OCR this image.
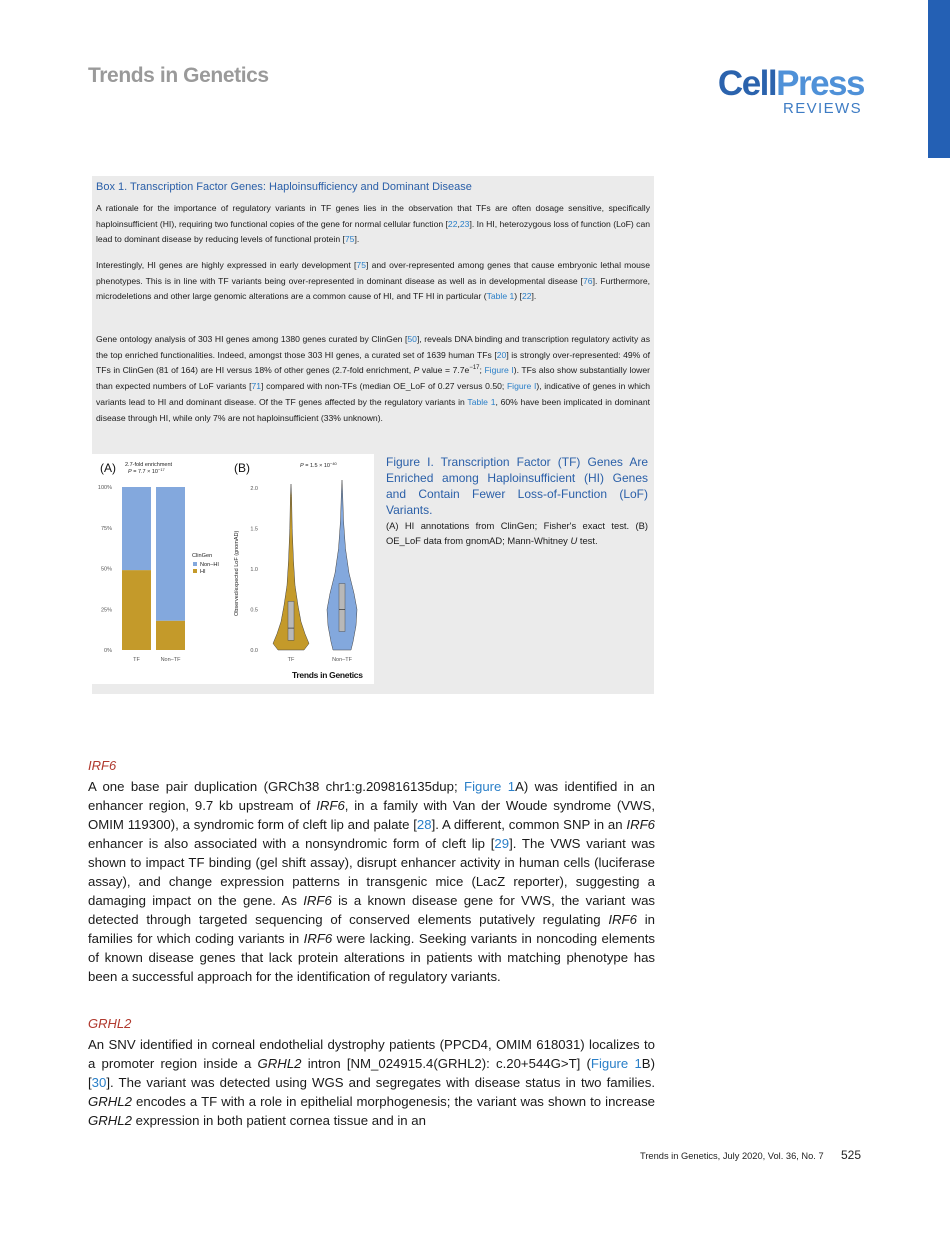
Trends in Genetics	CellPress
REVIEWS
Box 1. Transcription Factor Genes: Haploinsufficiency and Dominant Disease

A rationale for the importance of regulatory variants in TF genes lies in the observation that TFs are often dosage sensitive, specifically haploinsufficient (HI), requiring two functional copies of the gene for normal cellular function [22,23]. In HI, heterozygous loss of function (LoF) can lead to dominant disease by reducing levels of functional protein [75].

Interestingly, HI genes are highly expressed in early development [75] and over-represented among genes that cause embryonic lethal mouse phenotypes. This is in line with TF variants being over-represented in dominant disease as well as in developmental disease [76]. Furthermore, microdeletions and other large genomic alterations are a common cause of HI, and TF HI in particular (Table 1) [22].

Gene ontology analysis of 303 HI genes among 1380 genes curated by ClinGen [50], reveals DNA binding and transcription regulatory activity as the top enriched functionalities. Indeed, amongst those 303 HI genes, a curated set of 1639 human TFs [20] is strongly over-represented: 49% of TFs in ClinGen (81 of 164) are HI versus 18% of other genes (2.7-fold enrichment, P value = $7.7e^{-17}$; Figure I). TFs also show substantially lower than expected numbers of LoF variants [71] compared with non-TFs (median OE_LoF of 0.27 versus 0.50; Figure I), indicative of genes in which variants lead to HI and dominant disease. Of the TF genes affected by the regulatory variants in Table 1, 60% have been implicated in dominant disease through HI, while only 7% are not haploinsufficient (33% unknown).

(A) 2.7-fold enrichment
$P = 7.7 \times 10^{-17}$
0%
25%
50%
75%
100%
TF	Non–TF
ClinGen
Non–HI
HI
(B)	$P = 1.5 \times 10^{-40}$
Observed/expected LoF (gnomAD)
0.0
0.5
1.0
1.5
2.0
TF	Non–TF
Trends in Genetics

Figure I. Transcription Factor (TF) Genes Are Enriched among Haploinsufficient (HI) Genes and Contain Fewer Loss-of-Function (LoF) Variants.

(A) HI annotations from ClinGen; Fisher's exact test. (B) OE_LoF data from gnomAD; Mann-Whitney U test.

IRF6

A one base pair duplication (GRCh38 chr1:g.209816135dup; Figure 1A) was identified in an enhancer region, 9.7 kb upstream of IRF6, in a family with Van der Woude syndrome (VWS, OMIM 119300), a syndromic form of cleft lip and palate [28]. A different, common SNP in an IRF6 enhancer is also associated with a nonsyndromic form of cleft lip [29]. The VWS variant was shown to impact TF binding (gel shift assay), disrupt enhancer activity in human cells (luciferase assay), and change expression patterns in transgenic mice (LacZ reporter), suggesting a damaging impact on the gene. As IRF6 is a known disease gene for VWS, the variant was detected through targeted sequencing of conserved elements putatively regulating IRF6 in families for which coding variants in IRF6 were lacking. Seeking variants in noncoding elements of known disease genes that lack protein alterations in patients with matching phenotype has been a successful approach for the identification of regulatory variants.

GRHL2

An SNV identified in corneal endothelial dystrophy patients (PPCD4, OMIM 618031) localizes to a promoter region inside a GRHL2 intron [NM_024915.4(GRHL2): c.20+544G>T] (Figure 1B) [30]. The variant was detected using WGS and segregates with disease status in two families. GRHL2 encodes a TF with a role in epithelial morphogenesis; the variant was shown to increase GRHL2 expression in both patient cornea tissue and in an

Trends in Genetics, July 2020, Vol. 36, No. 7 525
